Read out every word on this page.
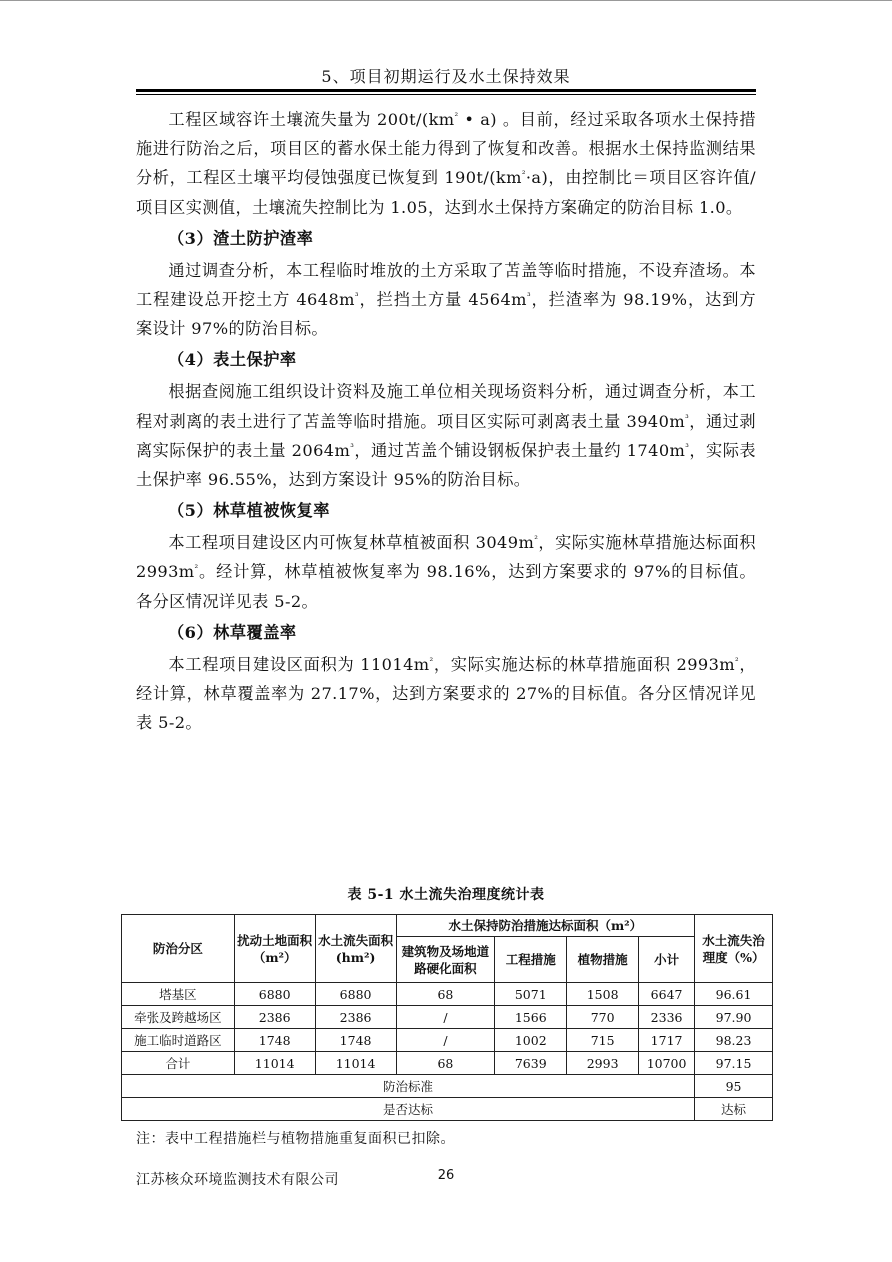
5、项目初期运行及水土保持效果

工程区域容许土壤流失量为 $200t/(km^{^2}$ • a) 。目前，经过采取各项水土保持措施进行防治之后，项目区的蓄水保土能力得到了恢复和改善。根据水土保持监测结果分析，工程区土壤平均侵蚀强度已恢复到 $190t/(km^{^2}\cdot a)$，由控制比＝项目区容许值/项目区实测值，土壤流失控制比为 1.05，达到水土保持方案确定的防治目标 1.0。

（3）渣土防护渣率

通过调查分析，本工程临时堆放的土方采取了苫盖等临时措施，不设弃渣场。本工程建设总开挖土方 $4648m^{^3}$，拦挡土方量 $4564m^{^3}$，拦渣率为 98.19%，达到方案设计 97%的防治目标。

（4）表土保护率

根据查阅施工组织设计资料及施工单位相关现场资料分析，通过调查分析，本工程对剥离的表土进行了苫盖等临时措施。项目区实际可剥离表土量 $3940m^{^3}$，通过剥离实际保护的表土量 $2064m^{^3}$，通过苫盖个铺设钢板保护表土量约 $1740m^{^3}$，实际表土保护率 96.55%，达到方案设计 95%的防治目标。

（5）林草植被恢复率

本工程项目建设区内可恢复林草植被面积 $3049m^{^2}$，实际实施林草措施达标面积 $2993m^{^2}$。经计算，林草植被恢复率为 98.16%，达到方案要求的 97%的目标值。各分区情况详见表 5-2。

（6）林草覆盖率

本工程项目建设区面积为 $11014m^{^2}$，实际实施达标的林草措施面积 $2993m^{^2}$，经计算，林草覆盖率为 27.17%，达到方案要求的 27%的目标值。各分区情况详见表 5-2。

表 5-1 水土流失治理度统计表
防治分区	扰动土地面积（m²）	水土流失面积(hm²)	水土保持防治措施达标面积（m²）				水土流失治理度（%）
			建筑物及场地道路硬化面积	工程措施	植物措施	小计	
塔基区	6880	6880	68	5071	1508	6647	96.61
牵张及跨越场区	2386	2386	/	1566	770	2336	97.90
施工临时道路区	1748	1748	/	1002	715	1717	98.23
合计	11014	11014	68	7639	2993	10700	97.15
防治标准							95
是否达标							达标
注：表中工程措施栏与植物措施重复面积已扣除。
江苏核众环境监测技术有限公司	26
